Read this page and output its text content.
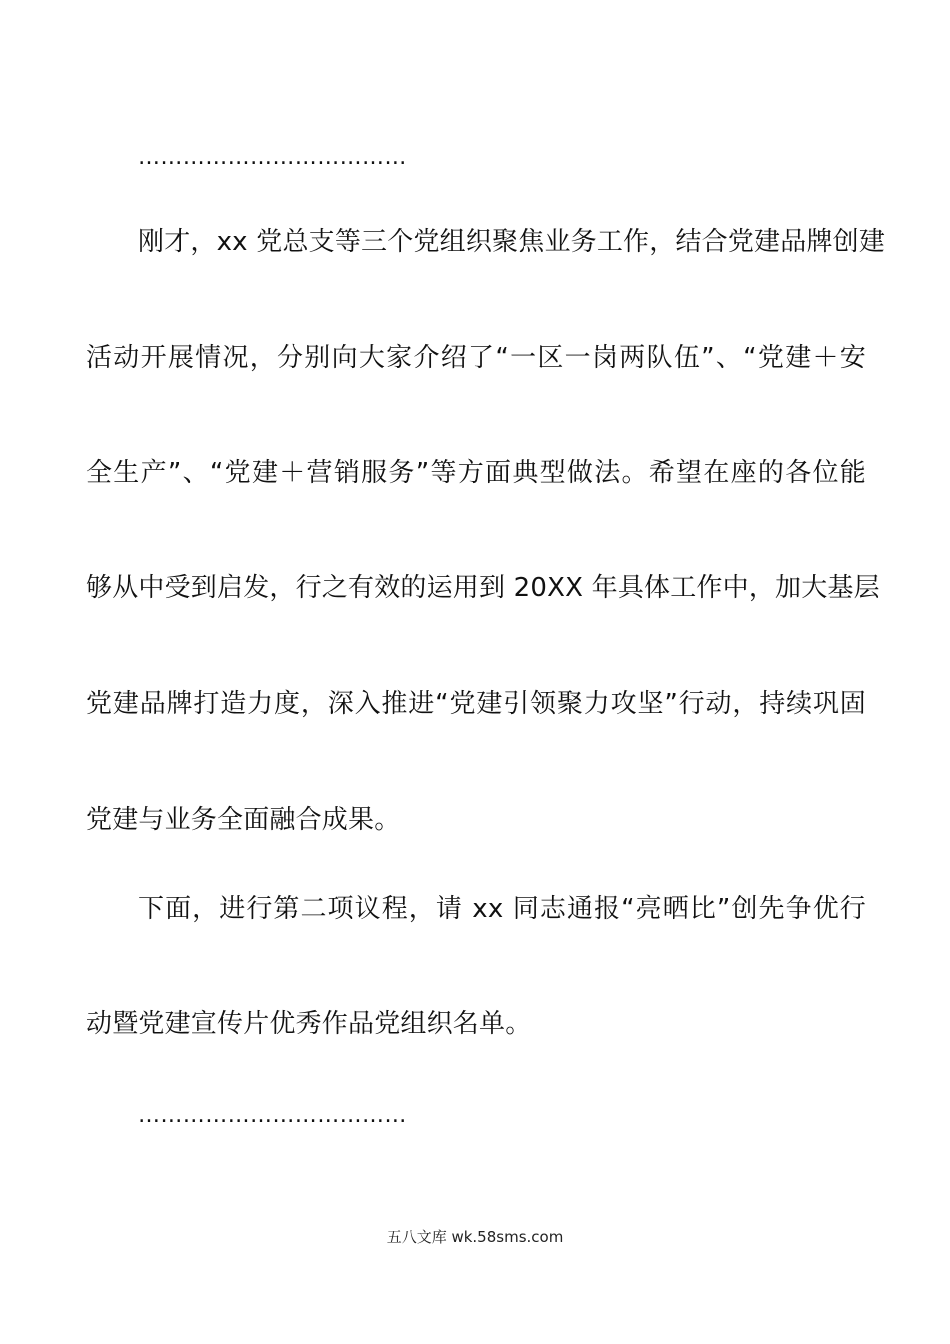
………………………………
刚才，xx 党总支等三个党组织聚焦业务工作，结合党建品牌创建
活动开展情况，分别向大家介绍了“一区一岗两队伍”、“党建＋安
全生产”、“党建＋营销服务”等方面典型做法。希望在座的各位能
够从中受到启发，行之有效的运用到 20XX 年具体工作中，加大基层
党建品牌打造力度，深入推进“党建引领聚力攻坚”行动，持续巩固
党建与业务全面融合成果。
下面，进行第二项议程，请 xx 同志通报“亮晒比”创先争优行
动暨党建宣传片优秀作品党组织名单。
………………………………
五八文库 wk.58sms.com
